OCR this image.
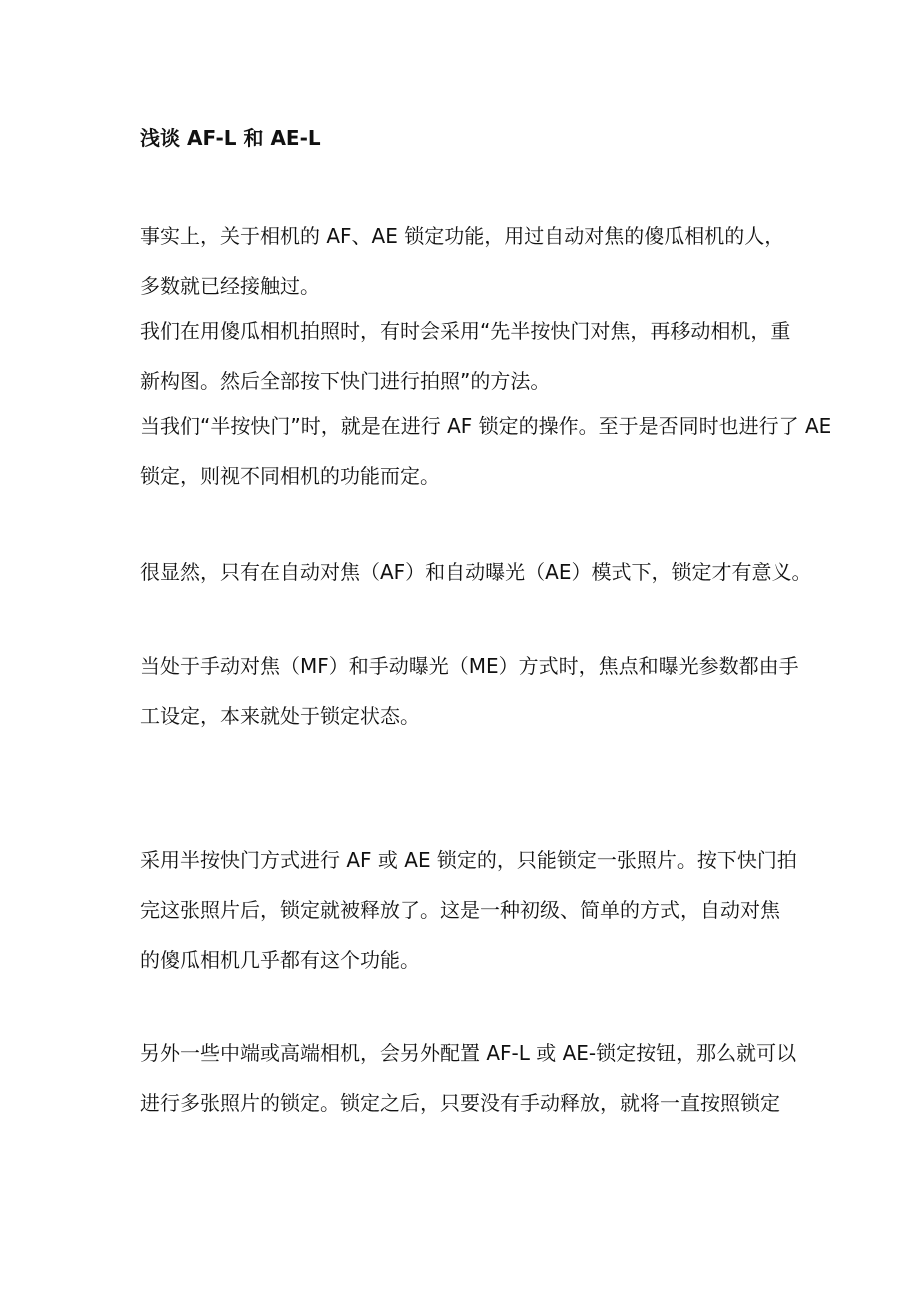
浅谈 AF-L 和 AE-L

事实上，关于相机的 AF、AE 锁定功能，用过自动对焦的傻瓜相机的人，
多数就已经接触过。

我们在用傻瓜相机拍照时，有时会采用“先半按快门对焦，再移动相机，重
新构图。然后全部按下快门进行拍照”的方法。

当我们“半按快门”时，就是在进行 AF 锁定的操作。至于是否同时也进行了 AE
锁定，则视不同相机的功能而定。

很显然，只有在自动对焦（AF）和自动曝光（AE）模式下，锁定才有意义。

当处于手动对焦（MF）和手动曝光（ME）方式时，焦点和曝光参数都由手
工设定，本来就处于锁定状态。

采用半按快门方式进行 AF 或 AE 锁定的，只能锁定一张照片。按下快门拍
完这张照片后，锁定就被释放了。这是一种初级、简单的方式，自动对焦
的傻瓜相机几乎都有这个功能。

另外一些中端或高端相机，会另外配置 AF-L 或 AE-锁定按钮，那么就可以
进行多张照片的锁定。锁定之后，只要没有手动释放，就将一直按照锁定
